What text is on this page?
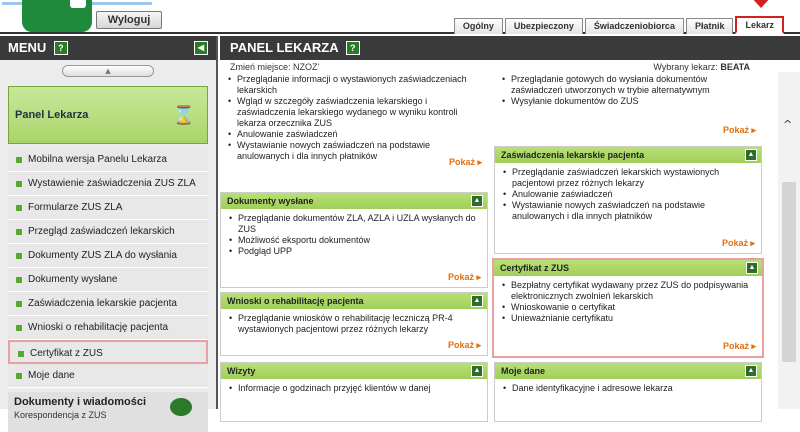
Wyloguj	Ogólny	Ubezpieczony	Świadczeniobiorca	Płatnik	Lekarz
MENU ?	◀
▲
Panel Lekarza	⌛
Mobilna wersja Panelu Lekarza
Wystawienie zaświadczenia ZUS ZLA
Formularze ZUS ZLA
Przegląd zaświadczeń lekarskich
Dokumenty ZUS ZLA do wysłania
Dokumenty wysłane
Zaświadczenia lekarskie pacjenta
Wnioski o rehabilitację pacjenta
Certyfikat z ZUS
Moje dane
Dokumenty i wiadomości
Korespondencja z ZUS
PANEL LEKARZA ?
Zmień miejsce: NZOZ'	Wybrany lekarz: BEATA
• Przeglądanie informacji o wystawionych zaświadczeniach lekarskich
• Wgląd w szczegóły zaświadczenia lekarskiego i zaświadczenia lekarskiego wydanego w wyniku kontroli lekarza orzecznika ZUS
• Anulowanie zaświadczeń
• Wystawianie nowych zaświadczeń na podstawie anulowanych i dla innych płatników
Pokaż ▸
• Przeglądanie gotowych do wysłania dokumentów zaświadczeń utworzonych w trybie alternatywnym
• Wysyłanie dokumentów do ZUS
Pokaż ▸
Dokumenty wysłane	▲
• Przeglądanie dokumentów ZLA, AZLA i UZLA wysłanych do ZUS
• Możliwość eksportu dokumentów
• Podgląd UPP
Pokaż ▸
Zaświadczenia lekarskie pacjenta	▲
• Przeglądanie zaświadczeń lekarskich wystawionych pacjentowi przez różnych lekarzy
• Anulowanie zaświadczeń
• Wystawianie nowych zaświadczeń na podstawie anulowanych i dla innych płatników
Pokaż ▸
Wnioski o rehabilitację pacjenta	▲
• Przeglądanie wniosków o rehabilitację leczniczą PR-4 wystawionych pacjentowi przez różnych lekarzy
Pokaż ▸
Certyfikat z ZUS	▲
• Bezpłatny certyfikat wydawany przez ZUS do podpisywania elektronicznych zwolnień lekarskich
• Wnioskowanie o certyfikat
• Unieważnianie certyfikatu
Pokaż ▸
Wizyty	▲
• Informacje o godzinach przyjęć klientów w danej
Moje dane	▲
• Dane identyfikacyjne i adresowe lekarza
^
